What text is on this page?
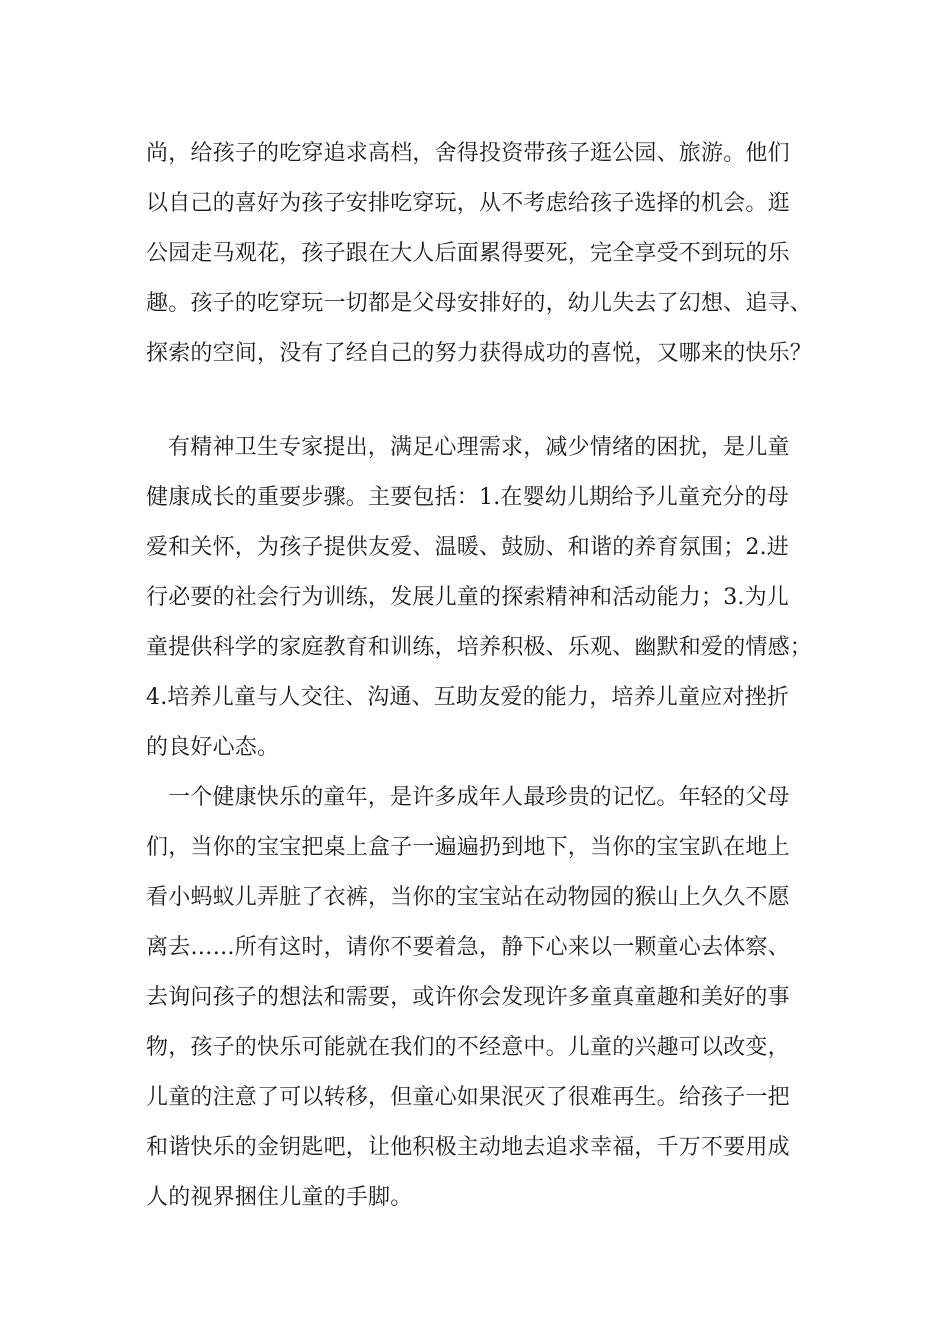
尚，给孩子的吃穿追求高档，舍得投资带孩子逛公园、旅游。他们
以自己的喜好为孩子安排吃穿玩，从不考虑给孩子选择的机会。逛
公园走马观花，孩子跟在大人后面累得要死，完全享受不到玩的乐
趣。孩子的吃穿玩一切都是父母安排好的，幼儿失去了幻想、追寻、
探索的空间，没有了经自己的努力获得成功的喜悦，又哪来的快乐？
有精神卫生专家提出，满足心理需求，减少情绪的困扰，是儿童
健康成长的重要步骤。主要包括：1.在婴幼儿期给予儿童充分的母
爱和关怀，为孩子提供友爱、温暖、鼓励、和谐的养育氛围；2.进
行必要的社会行为训练，发展儿童的探索精神和活动能力；3.为儿
童提供科学的家庭教育和训练，培养积极、乐观、幽默和爱的情感；
4.培养儿童与人交往、沟通、互助友爱的能力，培养儿童应对挫折
的良好心态。
一个健康快乐的童年，是许多成年人最珍贵的记忆。年轻的父母
们，当你的宝宝把桌上盒子一遍遍扔到地下，当你的宝宝趴在地上
看小蚂蚁儿弄脏了衣裤，当你的宝宝站在动物园的猴山上久久不愿
离去……所有这时，请你不要着急，静下心来以一颗童心去体察、
去询问孩子的想法和需要，或许你会发现许多童真童趣和美好的事
物，孩子的快乐可能就在我们的不经意中。儿童的兴趣可以改变，
儿童的注意了可以转移，但童心如果泯灭了很难再生。给孩子一把
和谐快乐的金钥匙吧，让他积极主动地去追求幸福，千万不要用成
人的视界捆住儿童的手脚。
